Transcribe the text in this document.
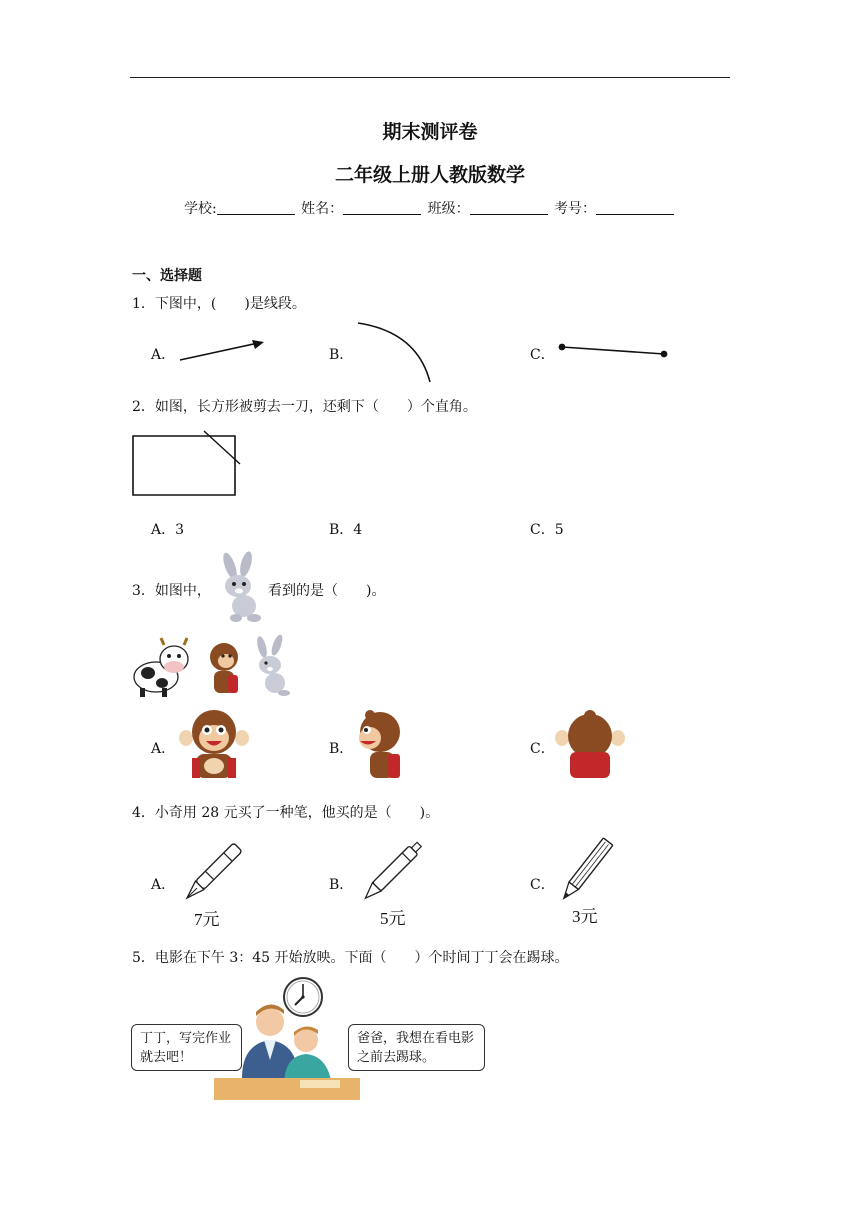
期末测评卷
二年级上册人教版数学
学校:	姓名：	班级：	考号：
一、选择题
1．下图中，(　　)是线段。
A．	B．	C．
2．如图，长方形被剪去一刀，还剩下（　　）个直角。
A．3	B．4	C．5
3．如图中，	看到的是（　　)。
A．	B．	C．
4．小奇用 28 元买了一种笔，他买的是（　　)。
A．
7元
B．
5元
C．
3元
5．电影在下午 3：45 开始放映。下面（　　）个时间丁丁会在踢球。
丁丁，写完作业就去吧！
爸爸，我想在看电影之前去踢球。
